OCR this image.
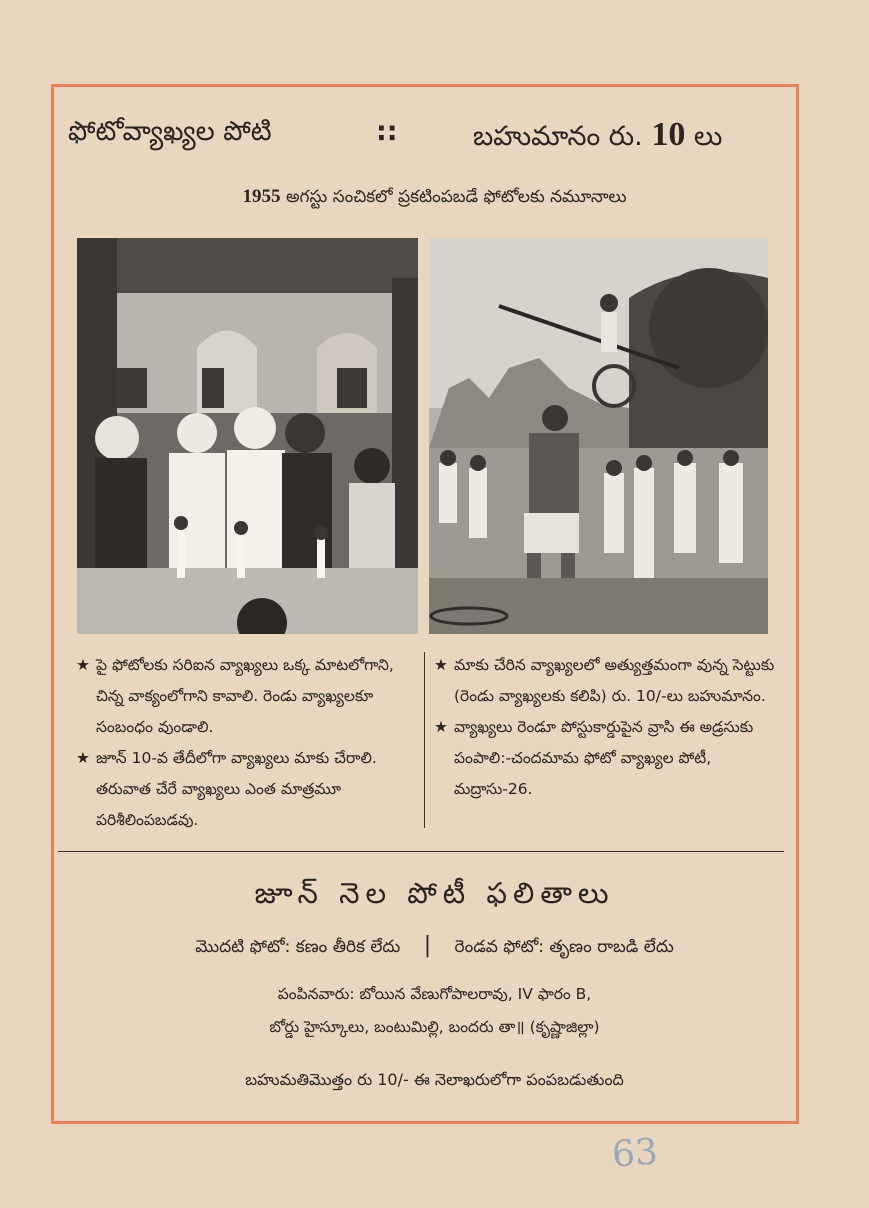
ఫోటోవ్యాఖ్యల పోటి	::	బహుమానం రు. 10 లు
1955 అగస్టు సంచికలో ప్రకటింపబడే ఫోటోలకు నమూనాలు
★ పై ఫోటోలకు సరిఐన వ్యాఖ్యలు ఒక్క మాటలోగాని, చిన్న వాక్యంలోగాని కావాలి. రెండు వ్యాఖ్యలకూ సంబంధం వుండాలి.
★ జూన్ 10-వ తేదీలోగా వ్యాఖ్యలు మాకు చేరాలి. తరువాత చేరే వ్యాఖ్యలు ఎంత మాత్రమూ పరిశీలింపబడవు.
★ మాకు చేరిన వ్యాఖ్యలలో అత్యుత్తమంగా వున్న సెట్టుకు (రెండు వ్యాఖ్యలకు కలిపి) రు. 10/-లు బహుమానం.
★ వ్యాఖ్యలు రెండూ పోస్టుకార్డుపైన వ్రాసి ఈ అడ్రసుకు పంపాలి:-చందమామ ఫోటో వ్యాఖ్యల పోటీ, మద్రాసు-26.
జూన్ నెల పోటీ ఫలితాలు
మొదటి ఫోటో: కణం తీరిక లేదు | రెండవ ఫోటో: తృణం రాబడి లేదు
పంపినవారు: బోయిన వేణుగోపాలరావు, IV ఫారం B,
బోర్డు హైస్కూలు, బంటుమిల్లి, బందరు తా॥ (కృష్ణాజిల్లా)
బహుమతిమొత్తం రు 10/- ఈ నెలాఖరులోగా పంపబడుతుంది
63
